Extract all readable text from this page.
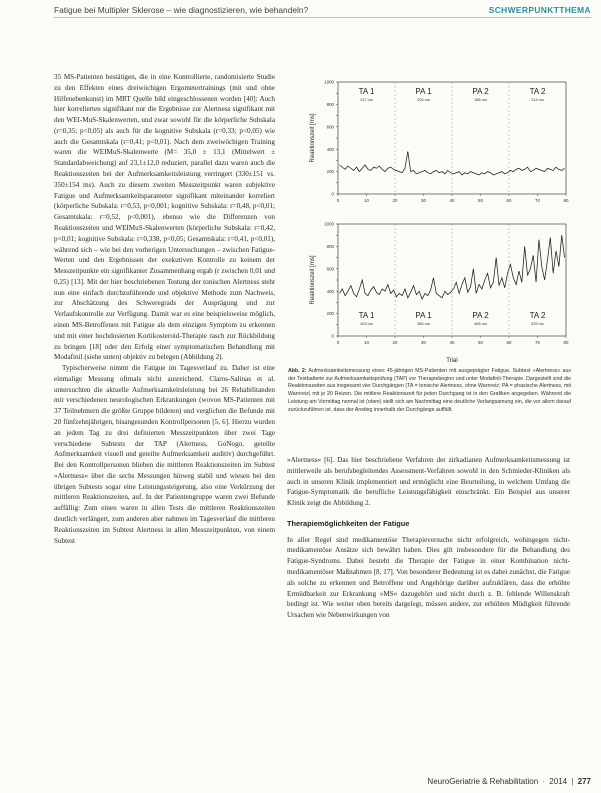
Fatigue bei Multipler Sklerose – wie diagnostizieren, wie behandeln?	SCHWERPUNKTTHEMA

35 MS-Patienten bestätigen, die in eine Kontrollierte, randomisierte Studie zu den Effekten eines dreiwöchigen Ergometertrainings (mit und ohne Hilfenebenkunst) im MRT Quelle bild eingeschlossenen worden [40]: Auch hier korrelierten signifikant nur die Ergebnisse zur Alertness signifikant mit den WEI-MuS-Skalenwerten, und zwar sowohl für die körperliche Subskala (r=0,35; p<0,05) als auch für die kognitive Subskala (r=0,33; p<0,05) wie auch die Gesamtskala (r=0,41; p<0,01). Nach dem zweiwöchigen Training waren die WEIMuS-Skalenwerte (M= 35,0 ± 13,1 (Mittelwert ± Standardabweichung) auf 23,1±12,0 reduziert, parallel dazu waren auch die Reaktionszeiten bei der Aufmerksamkeitsleistung verringert (330±151 vs. 350±154 ms). Auch zu diesem zweiten Messzeitpunkt waren subjektive Fatigue und Aufmerksamkeitsparameter signifikant miteinander korreliert (körperliche Subskala: r=0,53, p<0,001; kognitive Subskala: r=0,48, p<0,01; Gesamtskala: r=0,52, p<0,001), ebenso wie die Differenzen von Reaktionszeiten und WEIMuS-Skalenwerten (körperliche Subskala: r=0,42, p<0,01; kognitive Subskala: r=0,338, p<0,05; Gesamtskala: r=0,41, p<0,01), während sich – wie bei den vorherigen Untersuchungen – zwischen Fatigue-Werten und den Ergebnissen der exekutiven Kontrolle zu keinem der Messzeitpunkte ein signifikanter Zusammenhang ergab (r zwischen 0,01 und 0,25) [13]. Mit der hier beschriebenen Testung der tonischen Alertness steht nun eine einfach durchzuführende und objektive Methode zum Nachweis, zur Abschätzung des Schweregrads der Ausprägung und zur Verlaufskontrolle zur Verfügung. Damit war es eine beispielsweise möglich, einen MS-Betroffenen mit Fatigue als dem einzigen Symptom zu erkennen und mit einer hochdosierten Kortikosteroid-Therapie rasch zur Rückbildung zu bringen [18] oder den Erfolg einer symptomatischen Behandlung mit Modafinil (siehe unten) objektiv zu belegen (Abbildung 2).

Typischerweise nimmt die Fatigue im Tagesverlauf zu. Daher ist eine einmalige Messung oftmals nicht ausreichend. Claros-Salinas et al. untersuchten die aktuelle Aufmerksamkeitsleistung bei 26 Rehabilitanden mit verschiedenen neurologischen Erkrankungen (wovon MS-Patienten mit 37 Teilnehmern die größte Gruppe bildeten) und verglichen die Befunde mit 20 fünfzehnjährigen, bisangesunden Kontrollpersonen [5, 6]. Hierzu wurden an jedem Tag zu drei definierten Messzeitpunkten über zwei Tage verschiedene Subtests der TAP (Alertness, GoNogo, geteilte Aufmerksamkeit visuell und geteilte Aufmerksamkeit auditiv) durchgeführt. Bei den Kontrollpersonen blieben die mittleren Reaktionszeiten im Subtest »Alertness« über die sechs Messungen hinweg stabil und wiesen bei den übrigen Subtests sogar eine Leistungssteigerung, also eine Verkürzung der mittleren Reaktionszeiten, auf. In der Patientengruppe waren zwei Befunde auffällig: Zum einen waren in allen Tests die mittleren Reaktionszeiten deutlich verlängert, zum anderen aber nahmen im Tagesverlauf die mittleren Reaktionszeiten im Subtest Alertness in allen Messzeitpunkten, von einem Subtest

0
200
400
600
800
1000
0	10	20	30	40	50	60	70	80
TA 1
227 ms
PA 1
200 ms
PA 2
186 ms
TA 2
214 ms
Reaktionszeit [ms]
0
200
400
600
800
1000
0	10	20	30	40	50	60	70	80
TA 1
403 ms
PA 1
380 ms
PA 2
465 ms
TA 2
533 ms
Reaktionszeit [ms]
Trial
Abb. 2: Aufmerksamkeitsmessung eines 45-jährigen MS-Patienten mit ausgeprägter Fatigue. Subtest »Alertness« aus der Testbatterie zur Aufmerksamkeitsprüfung (TAP) vor Therapiebeginn und unter Modafinil-Therapie. Dargestellt sind die Reaktionszeiten aus insgesamt vier Durchgängen (TA = tonische Alertness, ohne Warnreiz; PA = phasische Alertness, mit Warnreiz) mit je 20 Reizen. Die mittlere Reaktionszeit für jeden Durchgang ist in den Grafiken angegeben. Während die Leistung am Vormittag normal ist (oben) stellt sich am Nachmittag eine deutliche Verlangsamung ein, die vor allem darauf zurückzuführen ist, dass der Anstieg innerhalb der Durchgänge auffällt.

»Alertness« [6]. Das hier beschriebene Verfahren der zirkadianen Aufmerksamkeitsmessung ist mittlerweile als berufsbegleitendes Assessment-Verfahren sowohl in den Schmieder-Kliniken als auch in unseren Klinik implementiert und ermöglicht eine Beurteilung, in welchem Umfang die Fatigue-Symptomatik die berufliche Leistungsfähigkeit einschränkt. Ein Beispiel aus unserer Klinik zeigt die Abbildung 2.

Therapiemöglichkeiten der Fatigue

In aller Regel sind medikamentöse Therapieversuche nicht erfolgreich, wohingegen nicht-medikamentöse Ansätze sich bewährt haben. Dies gilt insbesondere für die Behandlung des Fatigue-Syndroms. Dabei besteht die Therapie der Fatigue in einer Kombination nicht-medikamentöser Maßnahmen [8, 17]. Von besonderer Bedeutung ist es dabei zunächst, die Fatigue als solche zu erkennen und Betroffene und Angehörige darüber aufzuklären, dass die erhöhte Ermüdbarkeit zur Erkrankung »MS« dazugehört und nicht durch z. B. fehlende Willenskraft bedingt ist. Wie weiter oben bereits dargelegt, müssen andere, zur erhöhten Müdigkeit führende Ursachen wie Nebenwirkungen von

NeuroGeriatrie & Rehabilitation · 2014 | 277
